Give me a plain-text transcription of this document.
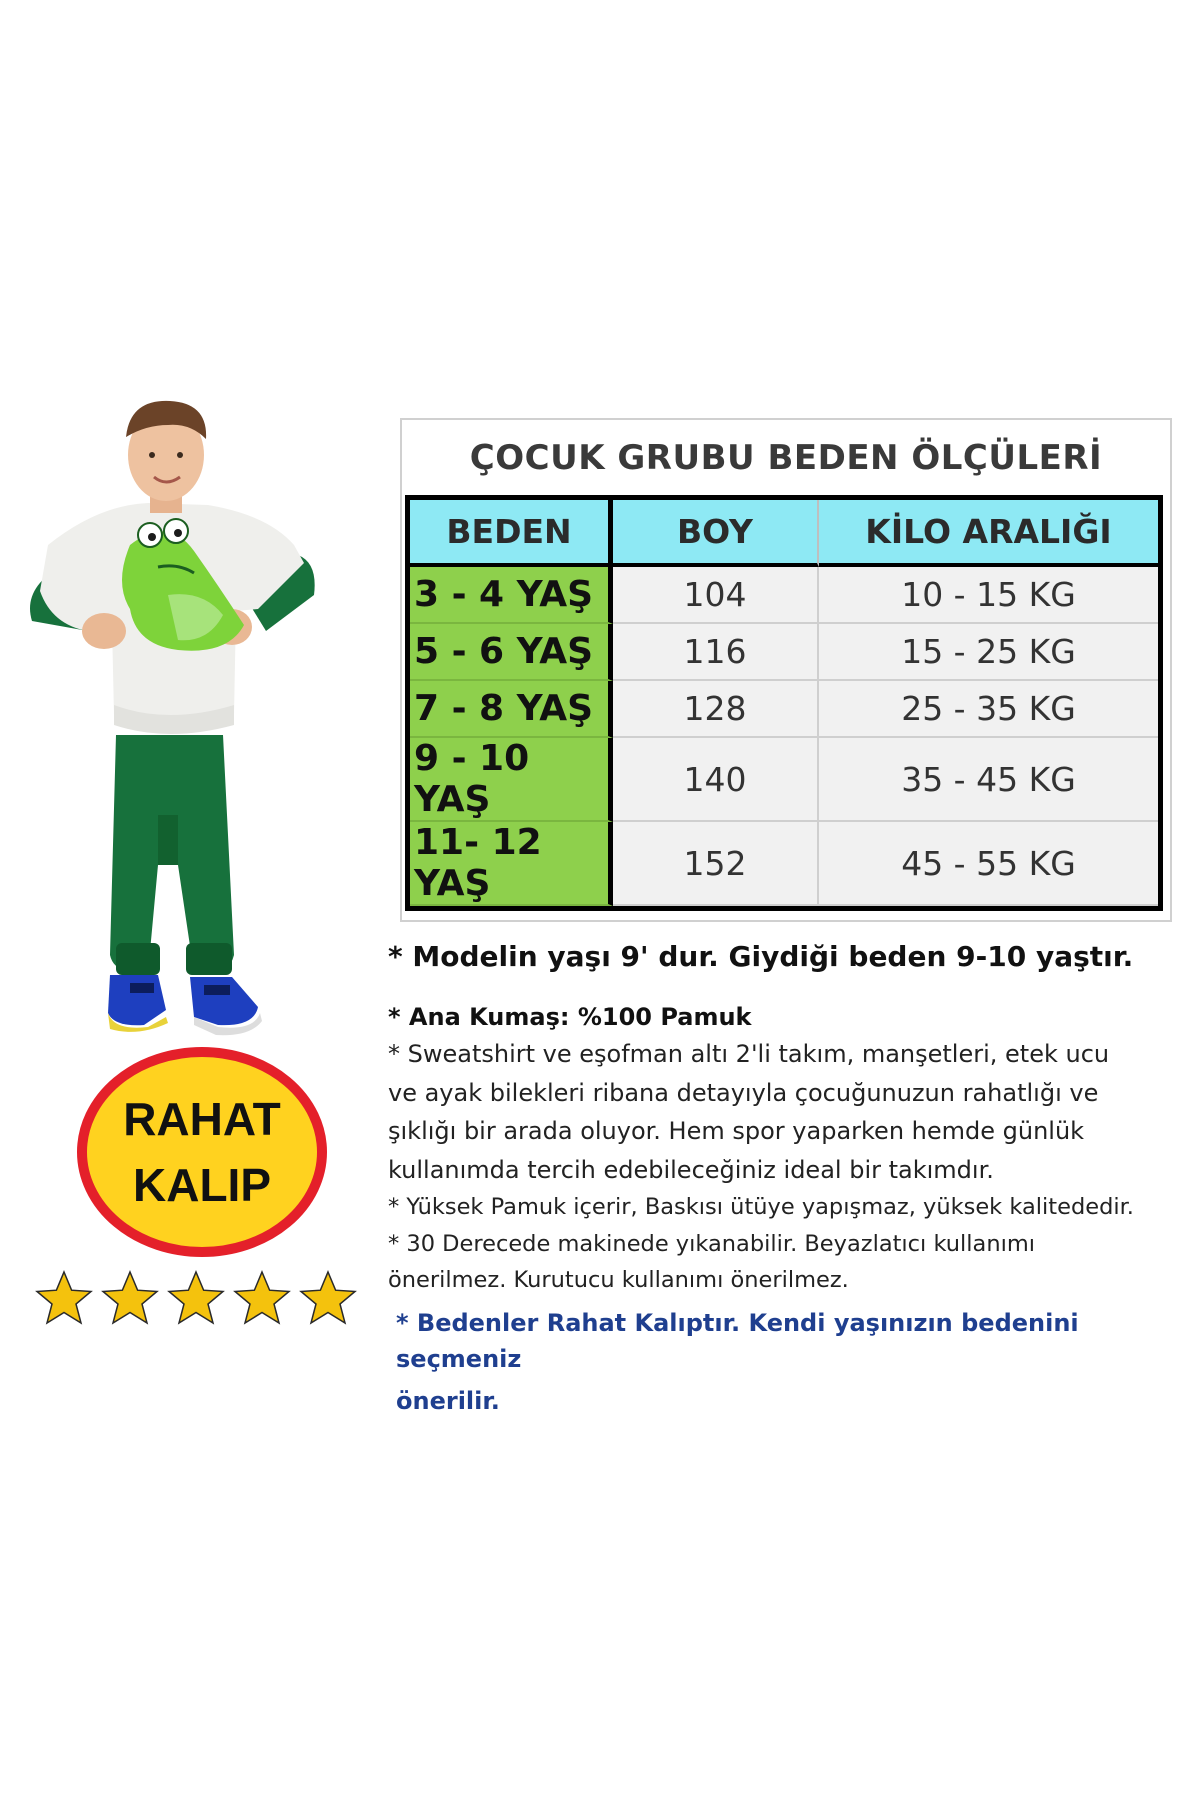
RAHAT
KALIP
ÇOCUK GRUBU BEDEN ÖLÇÜLERİ
BEDEN	BOY	KİLO ARALIĞI
3 - 4 YAŞ	104	10 - 15 KG
5 - 6 YAŞ	116	15 - 25 KG
7 - 8 YAŞ	128	25 - 35 KG
9 - 10 YAŞ	140	35 - 45 KG
11- 12 YAŞ	152	45 - 55 KG

* Modelin yaşı 9' dur. Giydiği beden 9-10 yaştır.

* Ana Kumaş: %100 Pamuk

* Sweatshirt ve eşofman altı 2'li takım, manşetleri, etek ucu

ve ayak bilekleri ribana detayıyla çocuğunuzun rahatlığı ve

şıklığı bir arada oluyor. Hem spor yaparken hemde günlük

kullanımda tercih edebileceğiniz ideal bir takımdır.

* Yüksek Pamuk içerir, Baskısı ütüye yapışmaz, yüksek kalitededir.

* 30 Derecede makinede yıkanabilir. Beyazlatıcı kullanımı

önerilmez. Kurutucu kullanımı önerilmez.

* Bedenler Rahat Kalıptır. Kendi yaşınızın bedenini seçmeniz

önerilir.
